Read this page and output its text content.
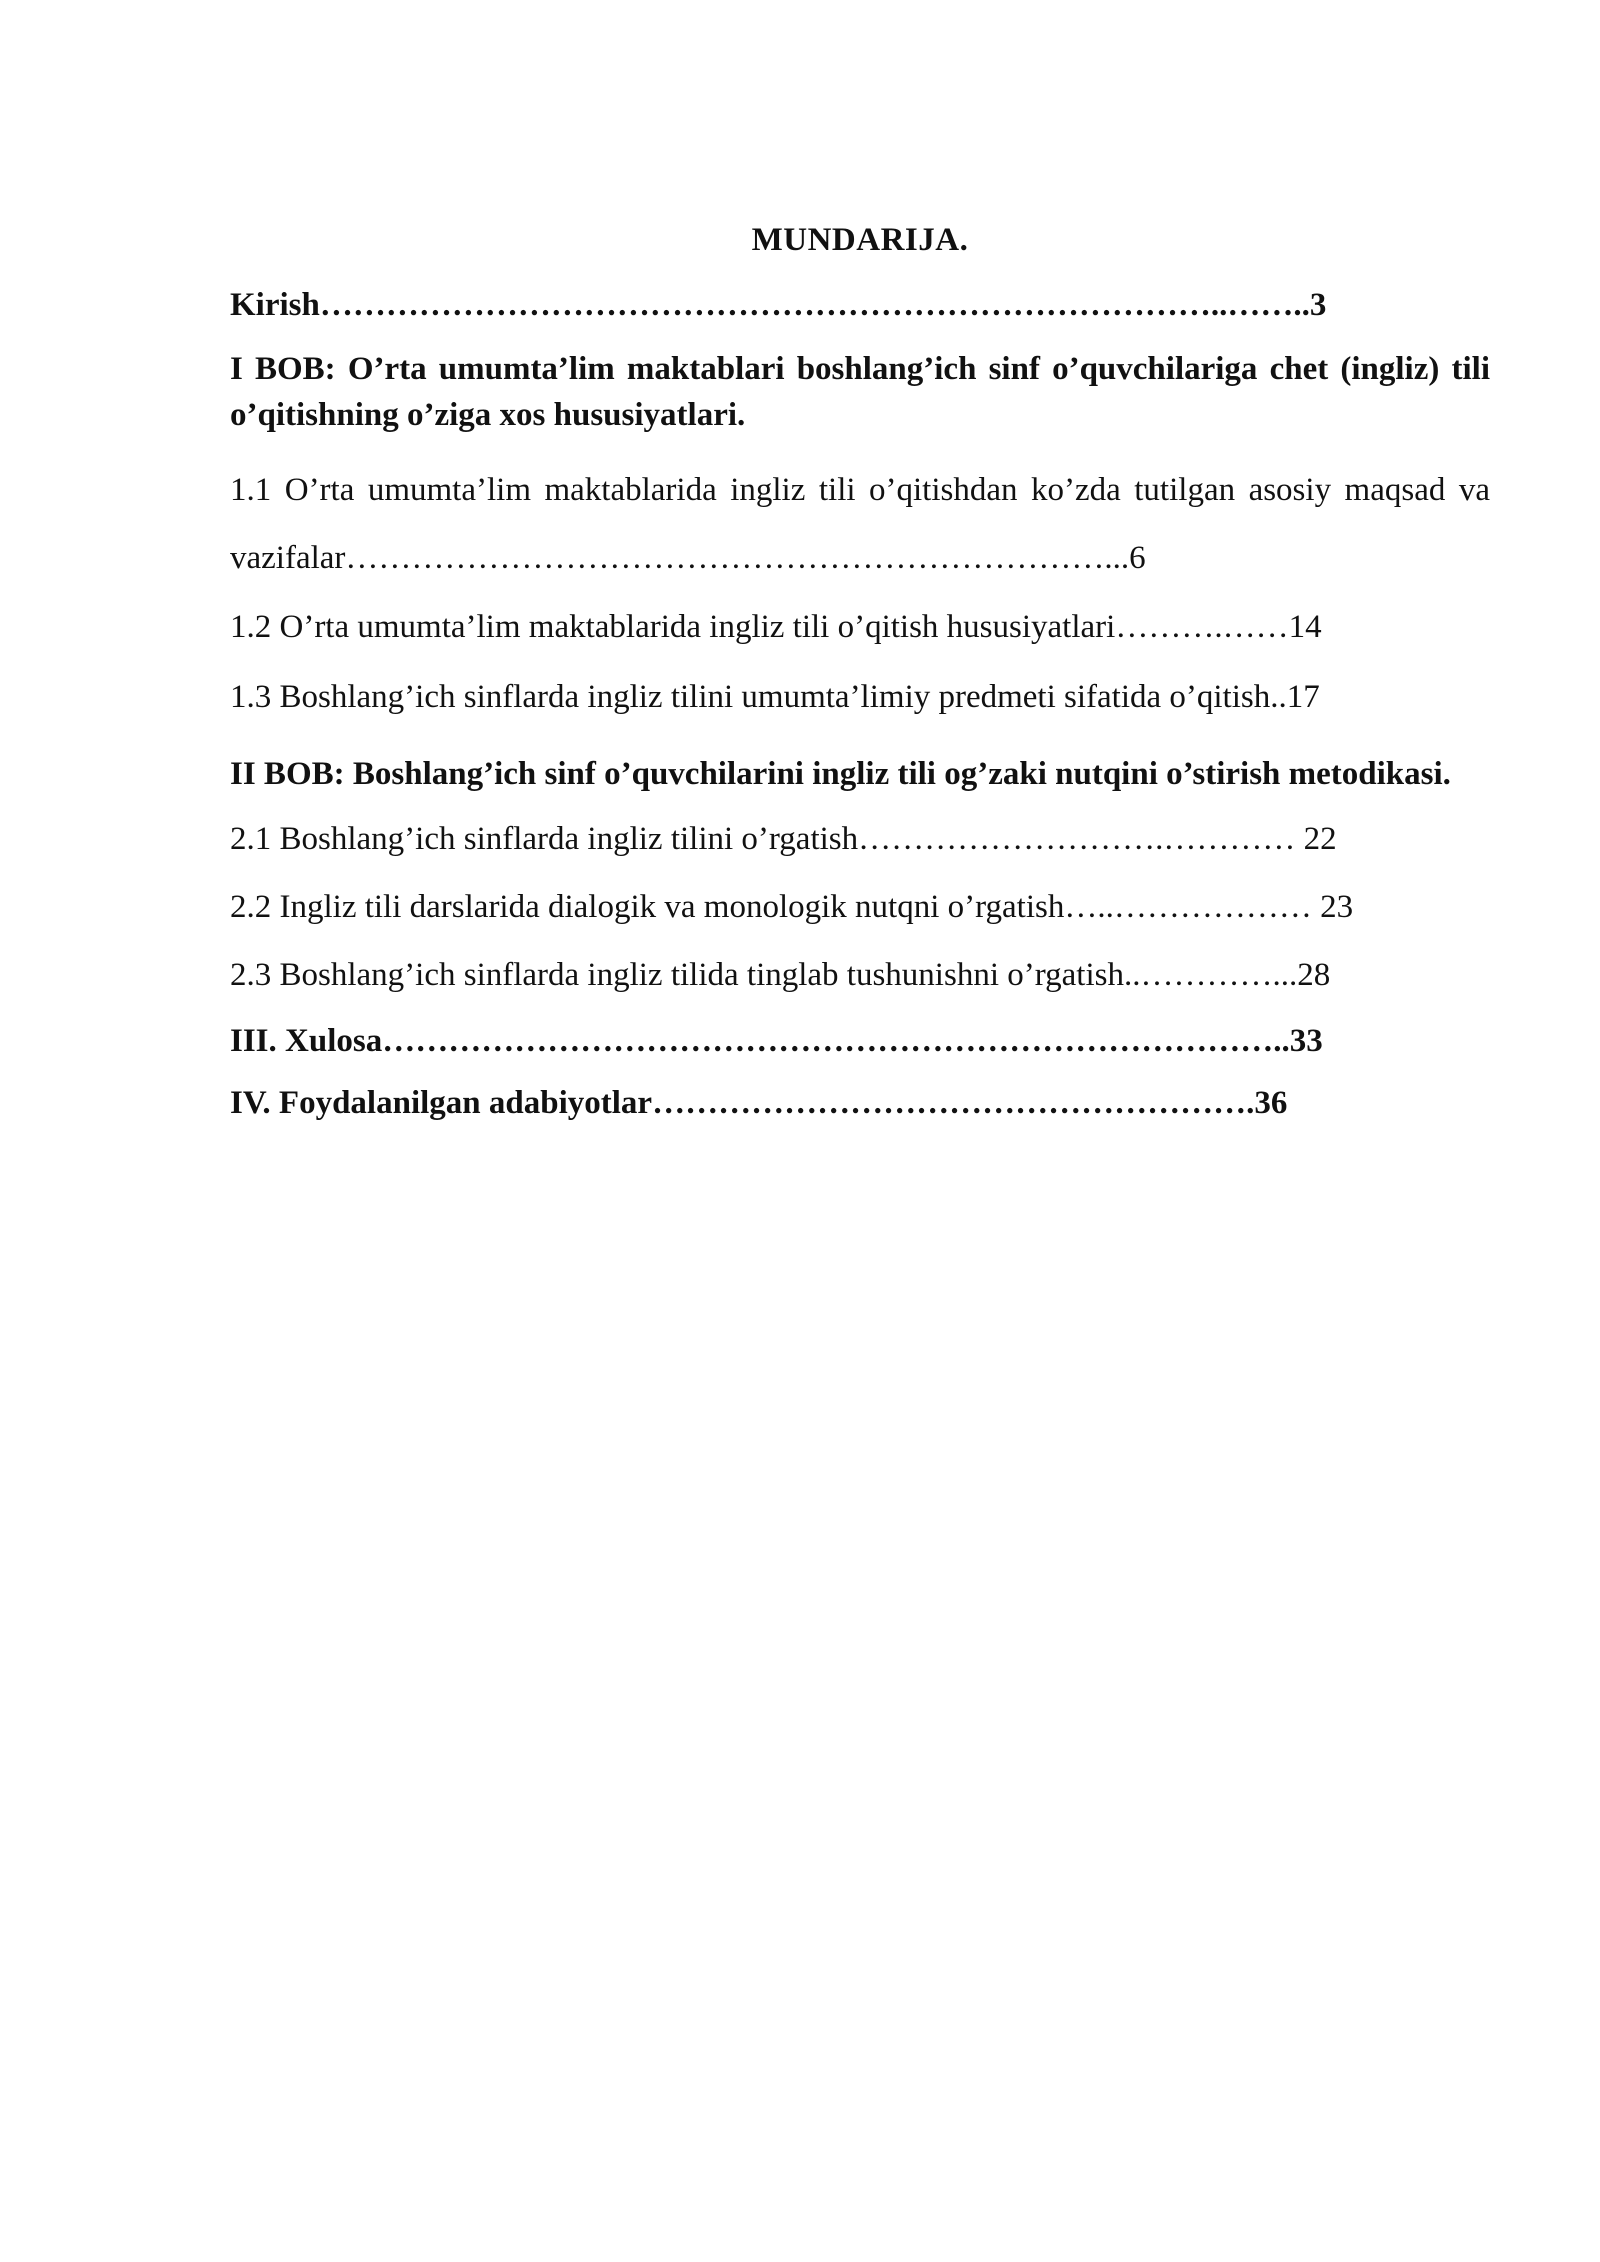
MUNDARIJA.
Kirish………………………………………………………………………..……..3
I BOB: O’rta umumta’lim maktablari boshlang’ich sinf o’quvchilariga chet (ingliz) tili o’qitishning o’ziga xos hususiyatlari.
1.1 O’rta umumta’lim maktablarida ingliz tili o’qitishdan ko’zda tutilgan asosiy maqsad va vazifalar……………………………………………………………...6
1.2 O’rta umumta’lim maktablarida ingliz tili o’qitish hususiyatlari……….……14
1.3 Boshlang’ich sinflarda ingliz tilini umumta’limiy predmeti sifatida o’qitish..17
II BOB: Boshlang’ich sinf o’quvchilarini ingliz tili og’zaki nutqini o’stirish metodikasi.
2.1 Boshlang’ich sinflarda ingliz tilini o’rgatish……………………….………… 22
2.2 Ingliz tili darslarida dialogik va monologik nutqni o’rgatish…..……………… 23
2.3 Boshlang’ich sinflarda ingliz tilida tinglab tushunishni o’rgatish..…………...28
III. Xulosa………………………………………………………………………..33
IV. Foydalanilgan adabiyotlar……………………………………………….36
